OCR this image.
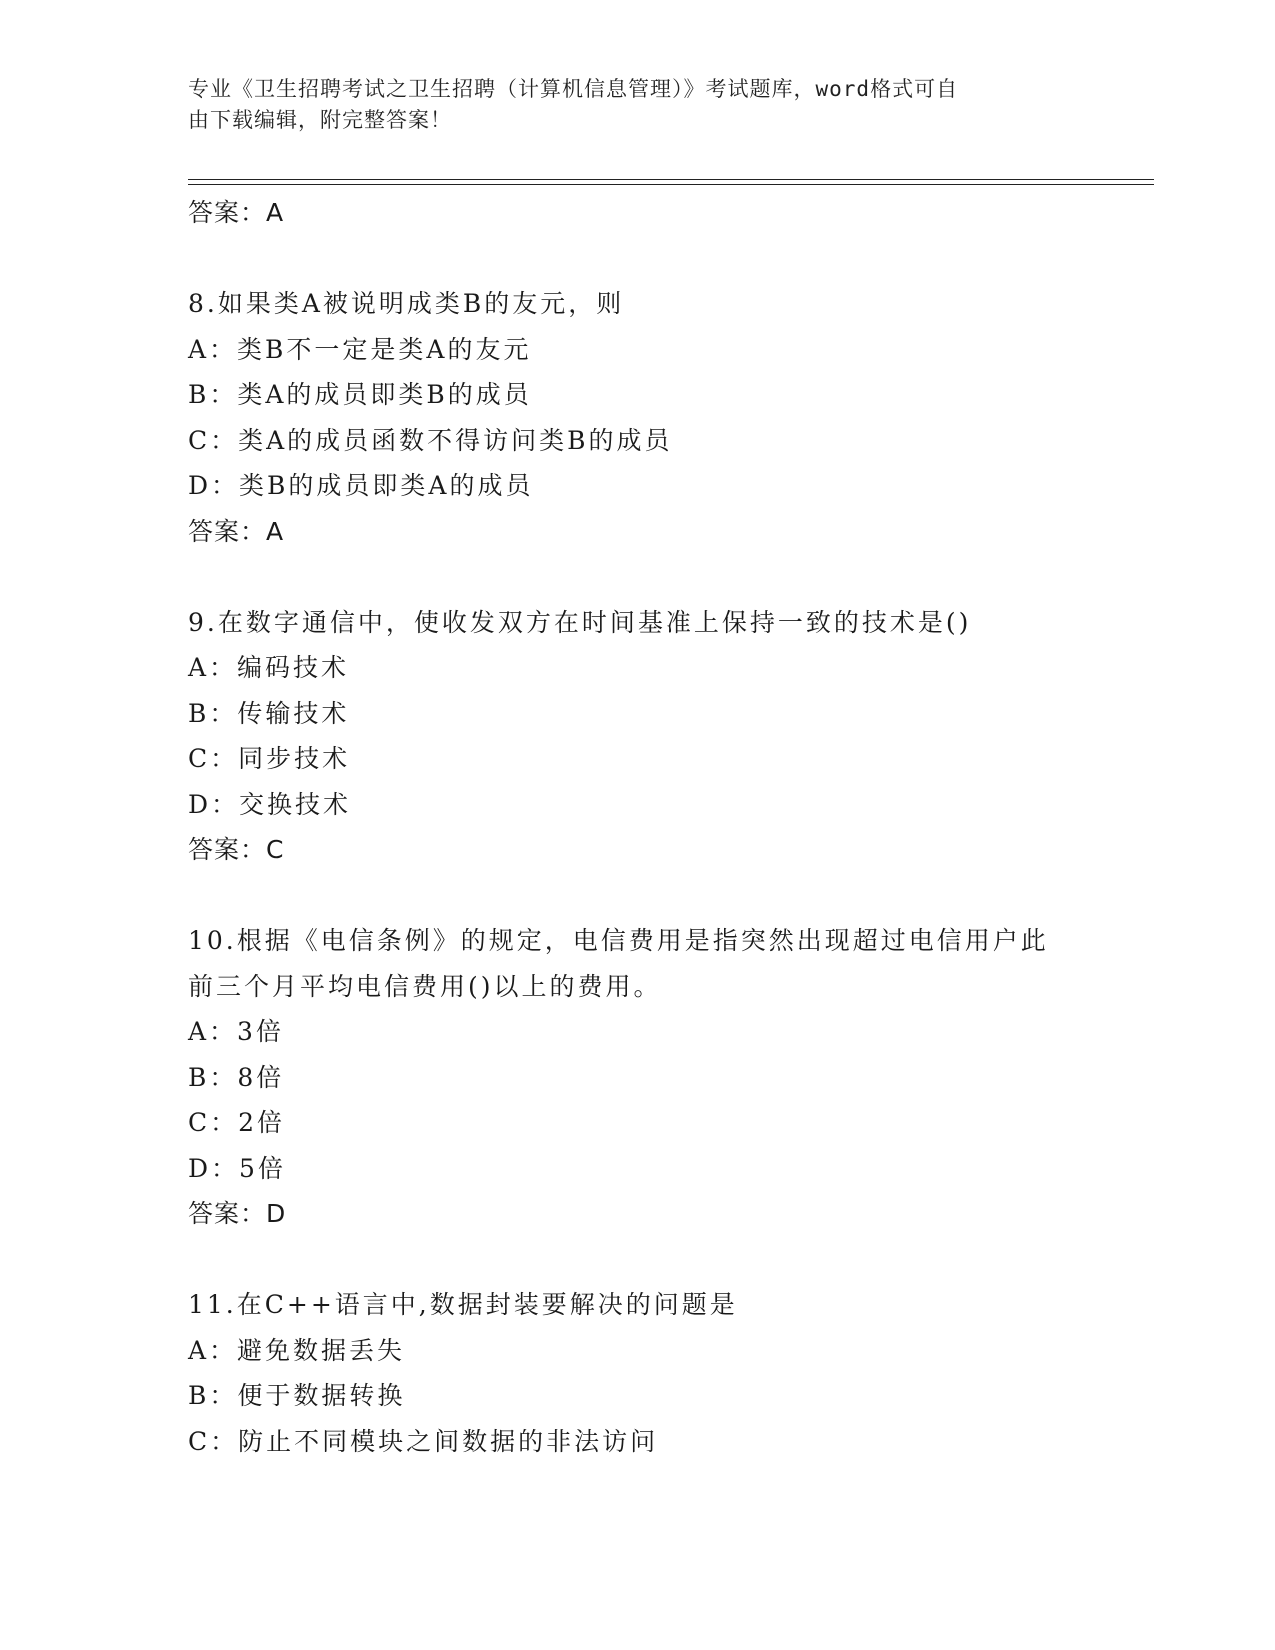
专业《卫生招聘考试之卫生招聘（计算机信息管理）》考试题库，word格式可自
由下载编辑，附完整答案！
答案：A
8.如果类A被说明成类B的友元，则
A：类B不一定是类A的友元
B：类A的成员即类B的成员
C：类A的成员函数不得访问类B的成员
D：类B的成员即类A的成员
答案：A
9.在数字通信中，使收发双方在时间基准上保持一致的技术是()
A：编码技术
B：传输技术
C：同步技术
D：交换技术
答案：C
10.根据《电信条例》的规定，电信费用是指突然出现超过电信用户此
前三个月平均电信费用()以上的费用。
A：3倍
B：8倍
C：2倍
D：5倍
答案：D
11.在C++语言中,数据封装要解决的问题是
A：避免数据丢失
B：便于数据转换
C：防止不同模块之间数据的非法访问
